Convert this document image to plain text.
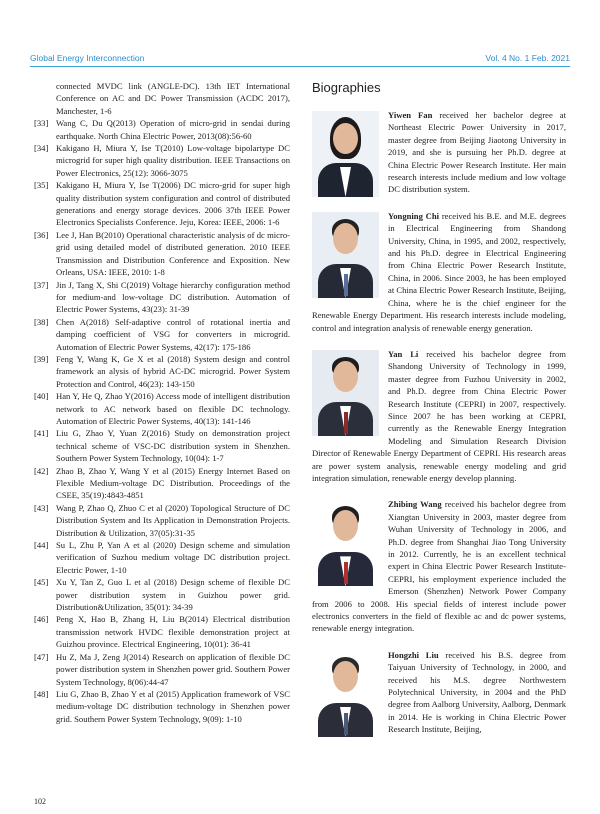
Global Energy Interconnection	Vol. 4 No. 1 Feb. 2021
connected MVDC link (ANGLE-DC). 13th IET International Conference on AC and DC Power Transmission (ACDC 2017), Manchester, 1-6
[33] Wang C, Du Q(2013) Operation of micro-grid in sendai during earthquake. North China Electric Power, 2013(08):56-60
[34] Kakigano H, Miura Y, Ise T(2010) Low-voltage bipolartype DC microgrid for super high quality distribution. IEEE Transactions on Power Electronics, 25(12): 3066-3075
[35] Kakigano H, Miura Y, Ise T(2006) DC micro-grid for super high quality distribution system configuration and control of distributed generations and energy storage devices. 2006 37th IEEE Power Electronics Specialists Conference. Jeju, Korea: IEEE, 2006: 1-6
[36] Lee J, Han B(2010) Operational characteristic analysis of dc micro-grid using detailed model of distributed generation. 2010 IEEE Transmission and Distribution Conference and Exposition. New Orleans, USA: IEEE, 2010: 1-8
[37] Jin J, Tang X, Shi C(2019) Voltage hierarchy configuration method for medium-and low-voltage DC distribution. Automation of Electric Power Systems, 43(23): 31-39
[38] Chen A(2018) Self-adaptive control of rotational inertia and damping coefficient of VSG for converters in microgrid. Automation of Electric Power Systems, 42(17): 175-186
[39] Feng Y, Wang K, Ge X et al (2018) System design and control framework an alysis of hybrid AC-DC microgrid. Power System Protection and Control, 46(23): 143-150
[40] Han Y, He Q, Zhao Y(2016) Access mode of intelligent distribution network to AC network based on flexible DC technology. Automation of Electric Power Systems, 40(13): 141-146
[41] Liu G, Zhao Y, Yuan Z(2016) Study on demonstration project technical scheme of VSC-DC distribution system in Shenzhen. Southern Power System Technology, 10(04): 1-7
[42] Zhao B, Zhao Y, Wang Y et al (2015) Energy Internet Based on Flexible Medium-voltage DC Distribution. Proceedings of the CSEE, 35(19):4843-4851
[43] Wang P, Zhao Q, Zhuo C et al (2020) Topological Structure of DC Distribution System and Its Application in Demonstration Projects. Distribution & Utilization, 37(05):31-35
[44] Su L, Zhu P, Yan A et al (2020) Design scheme and simulation verification of Suzhou medium voltage DC distribution project. Electric Power, 1-10
[45] Xu Y, Tan Z, Guo L et al (2018) Design scheme of flexible DC power distribution system in Guizhou power grid. Distribution&Utilization, 35(01): 34-39
[46] Peng X, Hao B, Zhang H, Liu B(2014) Electrical distribution transmission network HVDC flexible demonstration project at Guizhou province. Electrical Engineering, 10(01): 36-41
[47] Hu Z, Ma J, Zeng J(2014) Research on application of flexible DC power distribution system in Shenzhen power grid. Southern Power System Technology, 8(06):44-47
[48] Liu G, Zhao B, Zhao Y et al (2015) Application framework of VSC medium-voltage DC distribution technology in Shenzhen power grid. Southern Power System Technology, 9(09): 1-10
Biographies
Yiwen Fan received her bachelor degree at Northeast Electric Power University in 2017, master degree from Beijing Jiaotong University in 2019, and she is pursuing her Ph.D. degree at China Electric Power Research Institute. Her main research interests include medium and low voltage DC distribution system.
Yongning Chi received his B.E. and M.E. degrees in Electrical Engineering from Shandong University, China, in 1995, and 2002, respectively, and his Ph.D. degree in Electrical Engineering from China Electric Power Research Institute, China, in 2006. Since 2003, he has been employed at China Electric Power Research Institute, Beijing, China, where he is the chief engineer for the Renewable Energy Department. His research interests include modeling, control and integration analysis of renewable energy generation.
Yan Li received his bachelor degree from Shandong University of Technology in 1999, master degree from Fuzhou University in 2002, and Ph.D. degree from China Electric Power Research Institute (CEPRI) in 2007, respectively. Since 2007 he has been working at CEPRI, currently as the Renewable Energy Integration Modeling and Simulation Research Division Director of Renewable Energy Department of CEPRI. His research areas are power system analysis, renewable energy modeling and grid integration simulation, renewable energy develop planning.
Zhibing Wang received his bachelor degree from Xiangtan University in 2003, master degree from Wuhan University of Technology in 2006, and Ph.D. degree from Shanghai Jiao Tong University in 2012. Currently, he is an excellent technical expert in China Electric Power Research Institute-CEPRI, his employment experience included the Emerson (Shenzhen) Network Power Company from 2006 to 2008. His special fields of interest include power electronics converters in the field of flexible ac and dc power systems, renewable energy integration.
Hongzhi Liu received his B.S. degree from Taiyuan University of Technology, in 2000, and received his M.S. degree Northwestern Polytechnical University, in 2004 and the PhD degree from Aalborg University, Aalborg, Denmark in 2014. He is working in China Electric Power Research Institute, Beijing,
102
